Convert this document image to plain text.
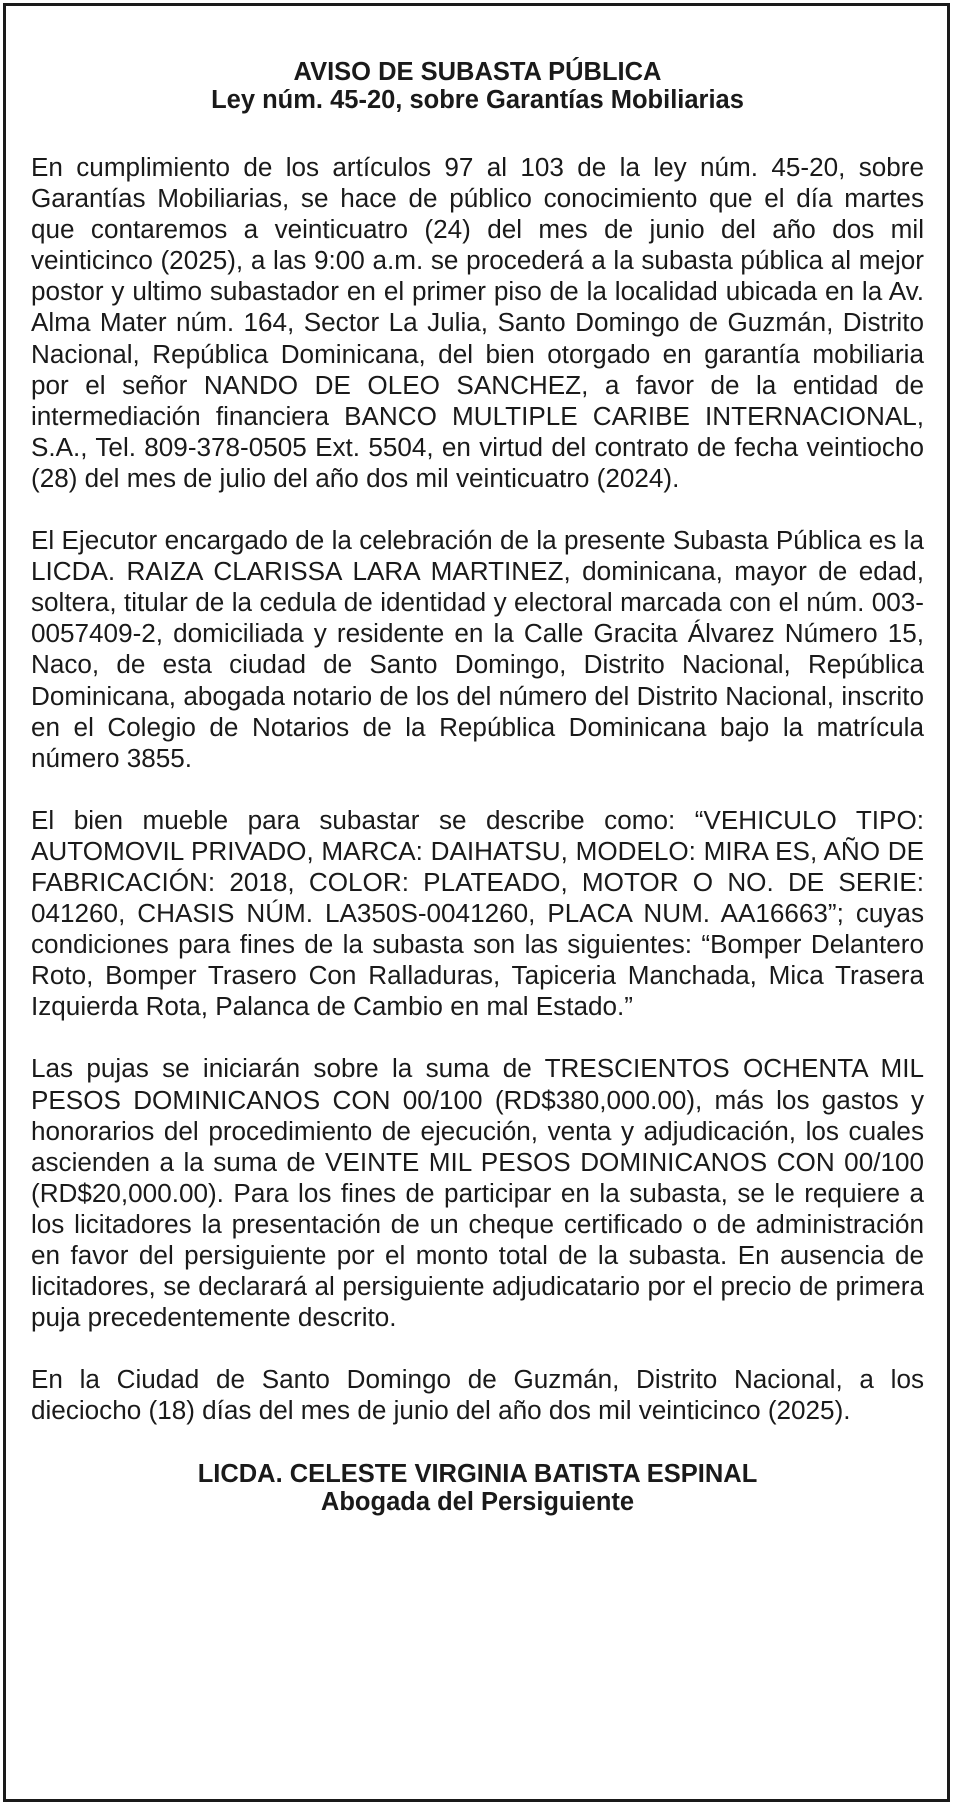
AVISO DE SUBASTA PÚBLICA
Ley núm. 45-20, sobre Garantías Mobiliarias

En cumplimiento de los artículos 97 al 103 de la ley núm. 45-20, sobre Garantías Mobiliarias, se hace de público conocimiento que el día martes que contaremos a veinticuatro (24) del mes de junio del año dos mil veinticinco (2025), a las 9:00 a.m. se procederá a la subasta pública al mejor postor y ultimo subastador en el primer piso de la localidad ubicada en la Av. Alma Mater núm. 164, Sector La Julia, Santo Domingo de Guzmán, Distrito Nacional, República Dominicana, del bien otorgado en garantía mobiliaria por el señor NANDO DE OLEO SANCHEZ, a favor de la entidad de intermediación financiera BANCO MULTIPLE CARIBE INTERNACIONAL, S.A., Tel. 809-378-0505 Ext. 5504, en virtud del contrato de fecha veintiocho (28) del mes de julio del año dos mil veinticuatro (2024).

El Ejecutor encargado de la celebración de la presente Subasta Pública es la LICDA. RAIZA CLARISSA LARA MARTINEZ, dominicana, mayor de edad, soltera, titular de la cedula de identidad y electoral marcada con el núm. 003-0057409-2, domiciliada y residente en la Calle Gracita Álvarez Número 15, Naco, de esta ciudad de Santo Domingo, Distrito Nacional, República Dominicana, abogada notario de los del número del Distrito Nacional, inscrito en el Colegio de Notarios de la República Dominicana bajo la matrícula número 3855.

El bien mueble para subastar se describe como: “VEHICULO TIPO: AUTOMOVIL PRIVADO, MARCA: DAIHATSU, MODELO: MIRA ES, AÑO DE FABRICACIÓN: 2018, COLOR: PLATEADO, MOTOR O NO. DE SERIE: 041260, CHASIS NÚM. LA350S-0041260, PLACA NUM. AA16663”; cuyas condiciones para fines de la subasta son las siguientes: “Bomper Delantero Roto, Bomper Trasero Con Ralladuras, Tapiceria Manchada, Mica Trasera Izquierda Rota, Palanca de Cambio en mal Estado.”

Las pujas se iniciarán sobre la suma de TRESCIENTOS OCHENTA MIL PESOS DOMINICANOS CON 00/100 (RD$380,000.00), más los gastos y honorarios del procedimiento de ejecución, venta y adjudicación, los cuales ascienden a la suma de VEINTE MIL PESOS DOMINICANOS CON 00/100 (RD$20,000.00). Para los fines de participar en la subasta, se le requiere a los licitadores la presentación de un cheque certificado o de administración en favor del persiguiente por el monto total de la subasta. En ausencia de licitadores, se declarará al persiguiente adjudicatario por el precio de primera puja precedentemente descrito.

En la Ciudad de Santo Domingo de Guzmán, Distrito Nacional, a los dieciocho (18) días del mes de junio del año dos mil veinticinco (2025).

LICDA. CELESTE VIRGINIA BATISTA ESPINAL
Abogada del Persiguiente
